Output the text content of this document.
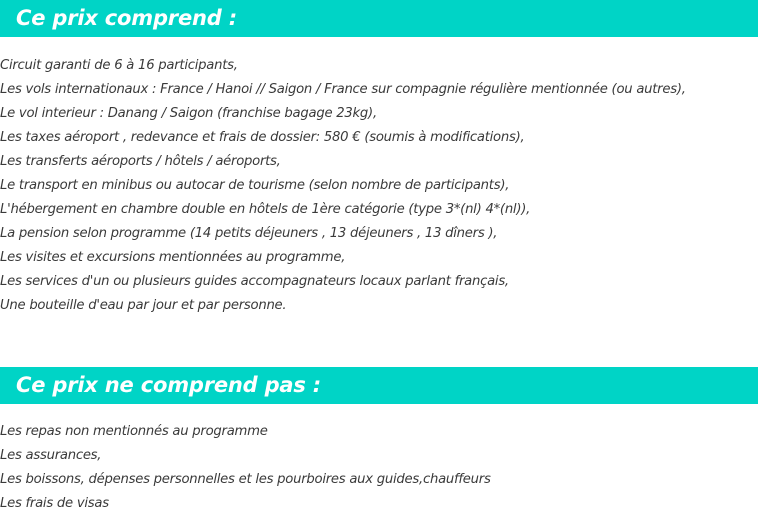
Ce prix comprend :
Circuit garanti de 6 à 16 participants,
Les vols internationaux : France / Hanoi // Saigon / France sur compagnie régulière mentionnée (ou autres),
Le vol interieur : Danang / Saigon (franchise bagage 23kg),
Les taxes aéroport , redevance et frais de dossier: 580 € (soumis à modifications),
Les transferts aéroports / hôtels / aéroports,
Le transport en minibus ou autocar de tourisme (selon nombre de participants),
L'hébergement en chambre double en hôtels de 1ère catégorie (type 3*(nl) 4*(nl)),
La pension selon programme (14 petits déjeuners , 13 déjeuners , 13 dîners ),
Les visites et excursions mentionnées au programme,
Les services d'un ou plusieurs guides accompagnateurs locaux parlant français,
Une bouteille d'eau par jour et par personne.
Ce prix ne comprend pas :
Les repas non mentionnés au programme
Les assurances,
Les boissons, dépenses personnelles et les pourboires aux guides,chauffeurs
Les frais de visas
